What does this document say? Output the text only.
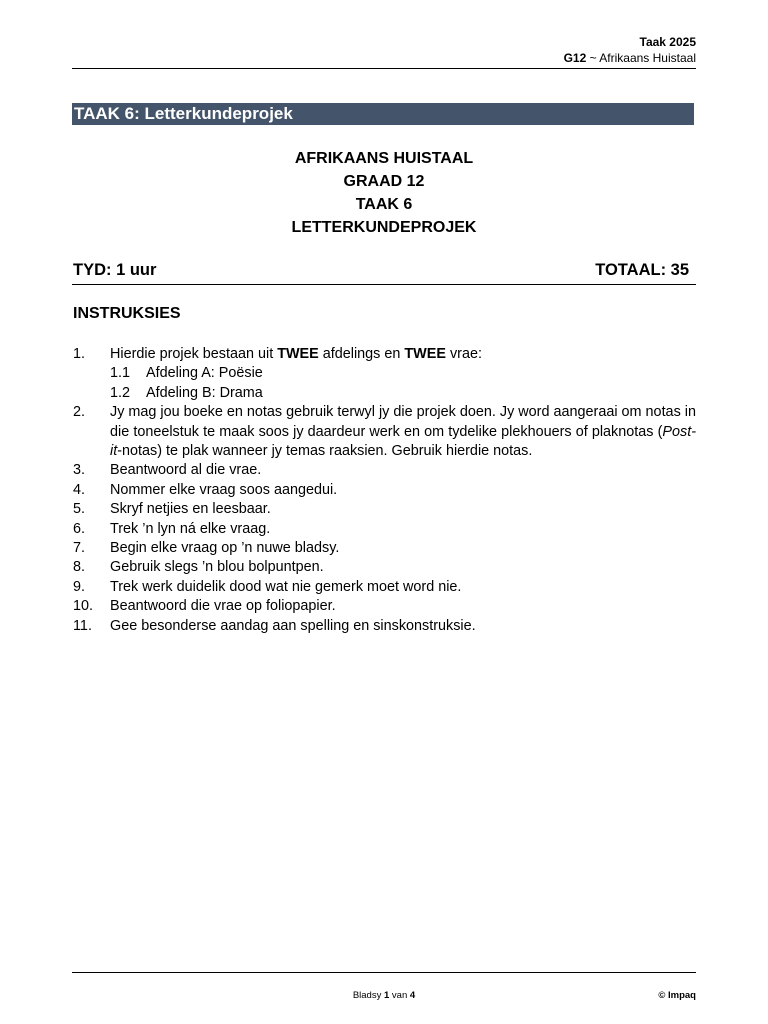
Taak 2025
G12 ~ Afrikaans Huistaal
TAAK 6: Letterkundeprojek
AFRIKAANS HUISTAAL
GRAAD 12
TAAK 6
LETTERKUNDEPROJEK
TYD: 1 uur	TOTAAL: 35
INSTRUKSIES
1. Hierdie projek bestaan uit TWEE afdelings en TWEE vrae:
1.1	Afdeling A: Poësie
1.2	Afdeling B: Drama
2. Jy mag jou boeke en notas gebruik terwyl jy die projek doen. Jy word aangeraai om notas in die toneelstuk te maak soos jy daardeur werk en om tydelike plekhouers of plaknotas (Post-it-notas) te plak wanneer jy temas raaksien. Gebruik hierdie notas.
3. Beantwoord al die vrae.
4. Nommer elke vraag soos aangedui.
5. Skryf netjies en leesbaar.
6. Trek ’n lyn ná elke vraag.
7. Begin elke vraag op ’n nuwe bladsy.
8. Gebruik slegs ’n blou bolpuntpen.
9. Trek werk duidelik dood wat nie gemerk moet word nie.
10. Beantwoord die vrae op foliopapier.
11. Gee besonderse aandag aan spelling en sinskonstruksie.
Bladsy 1 van 4	© Impaq
